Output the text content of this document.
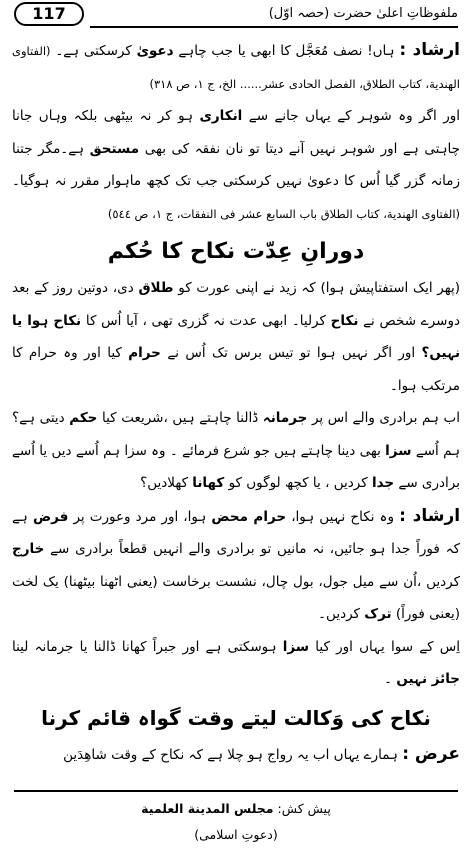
117	ملفوظاتِ اعلیٰ حضرت (حصہ اوّل)

ارشاد : ہاں! نصف مُعَجَّل کا ابھی یا جب چاہے دعویٰ کرسکتی ہے۔ (الفتاوی الهندية، كتاب الطلاق، الفصل الحادی عشر...... الخ، ج ١، ص ٣١٨)

اور اگر وہ شوہر کے یہاں جانے سے انکاری ہو کر نہ بیٹھی بلکہ وہاں جانا چاہتی ہے اور شوہر نہیں آنے دیتا تو نان نفقہ کی بھی مستحق ہے۔مگر جتنا زمانہ گزر گیا اُس کا دعویٰ نہیں کرسکتی جب تک کچھ ماہوار مقرر نہ ہوگیا۔ (الفتاوی الهندية، كتاب الطلاق باب السابع عشر فی النفقات، ج ١، ص ٥٤٤)

دورانِ عِدّت نکاح کا حُکم

(پھر ایک استفتاپیش ہوا) کہ زید نے اپنی عورت کو طلاق دی، دوتین روز کے بعد دوسرے شخص نے نکاح کرلیا۔ ابھی عدت نہ گزری تھی ، آیا اُس کا نکاح ہوا یا نہیں؟ اور اگر نہیں ہوا تو تیس برس تک اُس نے حرام کیا اور وہ حرام کا مرتکب ہوا۔

اب ہم برادری والے اس پر جرمانہ ڈالنا چاہتے ہیں ،شریعت کیا حکم دیتی ہے؟ ہم اُسے سزا بھی دینا چاہتے ہیں جو شرع فرمائے ۔ وہ سزا ہم اُسے دیں یا اُسے برادری سے جدا کردیں ، یا کچھ لوگوں کو کھانا کھلادیں؟

ارشاد : وہ نکاح نہیں ہوا، حرام محض ہوا، اور مرد وعورت پر فرض ہے کہ فوراً جدا ہو جائیں، نہ مانیں تو برادری والے انہیں قطعاً برادری سے خارج کردیں ،اُن سے میل جول، بول چال، نشست برخاست (یعنی اٹھنا بیٹھنا) یک لخت (یعنی فوراً) ترک کردیں۔

اِس کے سوا یہاں اور کیا سزا ہوسکتی ہے اور جبراً کھانا ڈالنا یا جرمانہ لینا جائز نہیں ۔

نکاح کی وَکالت لیتے وقت گواہ قائم کرنا

عرض : ہمارے یہاں اب یہ رواج ہو چلا ہے کہ نکاح کے وقت شاهِدَین

پیش کش: مجلس المدينة العلمية (دعوتِ اسلامی)
